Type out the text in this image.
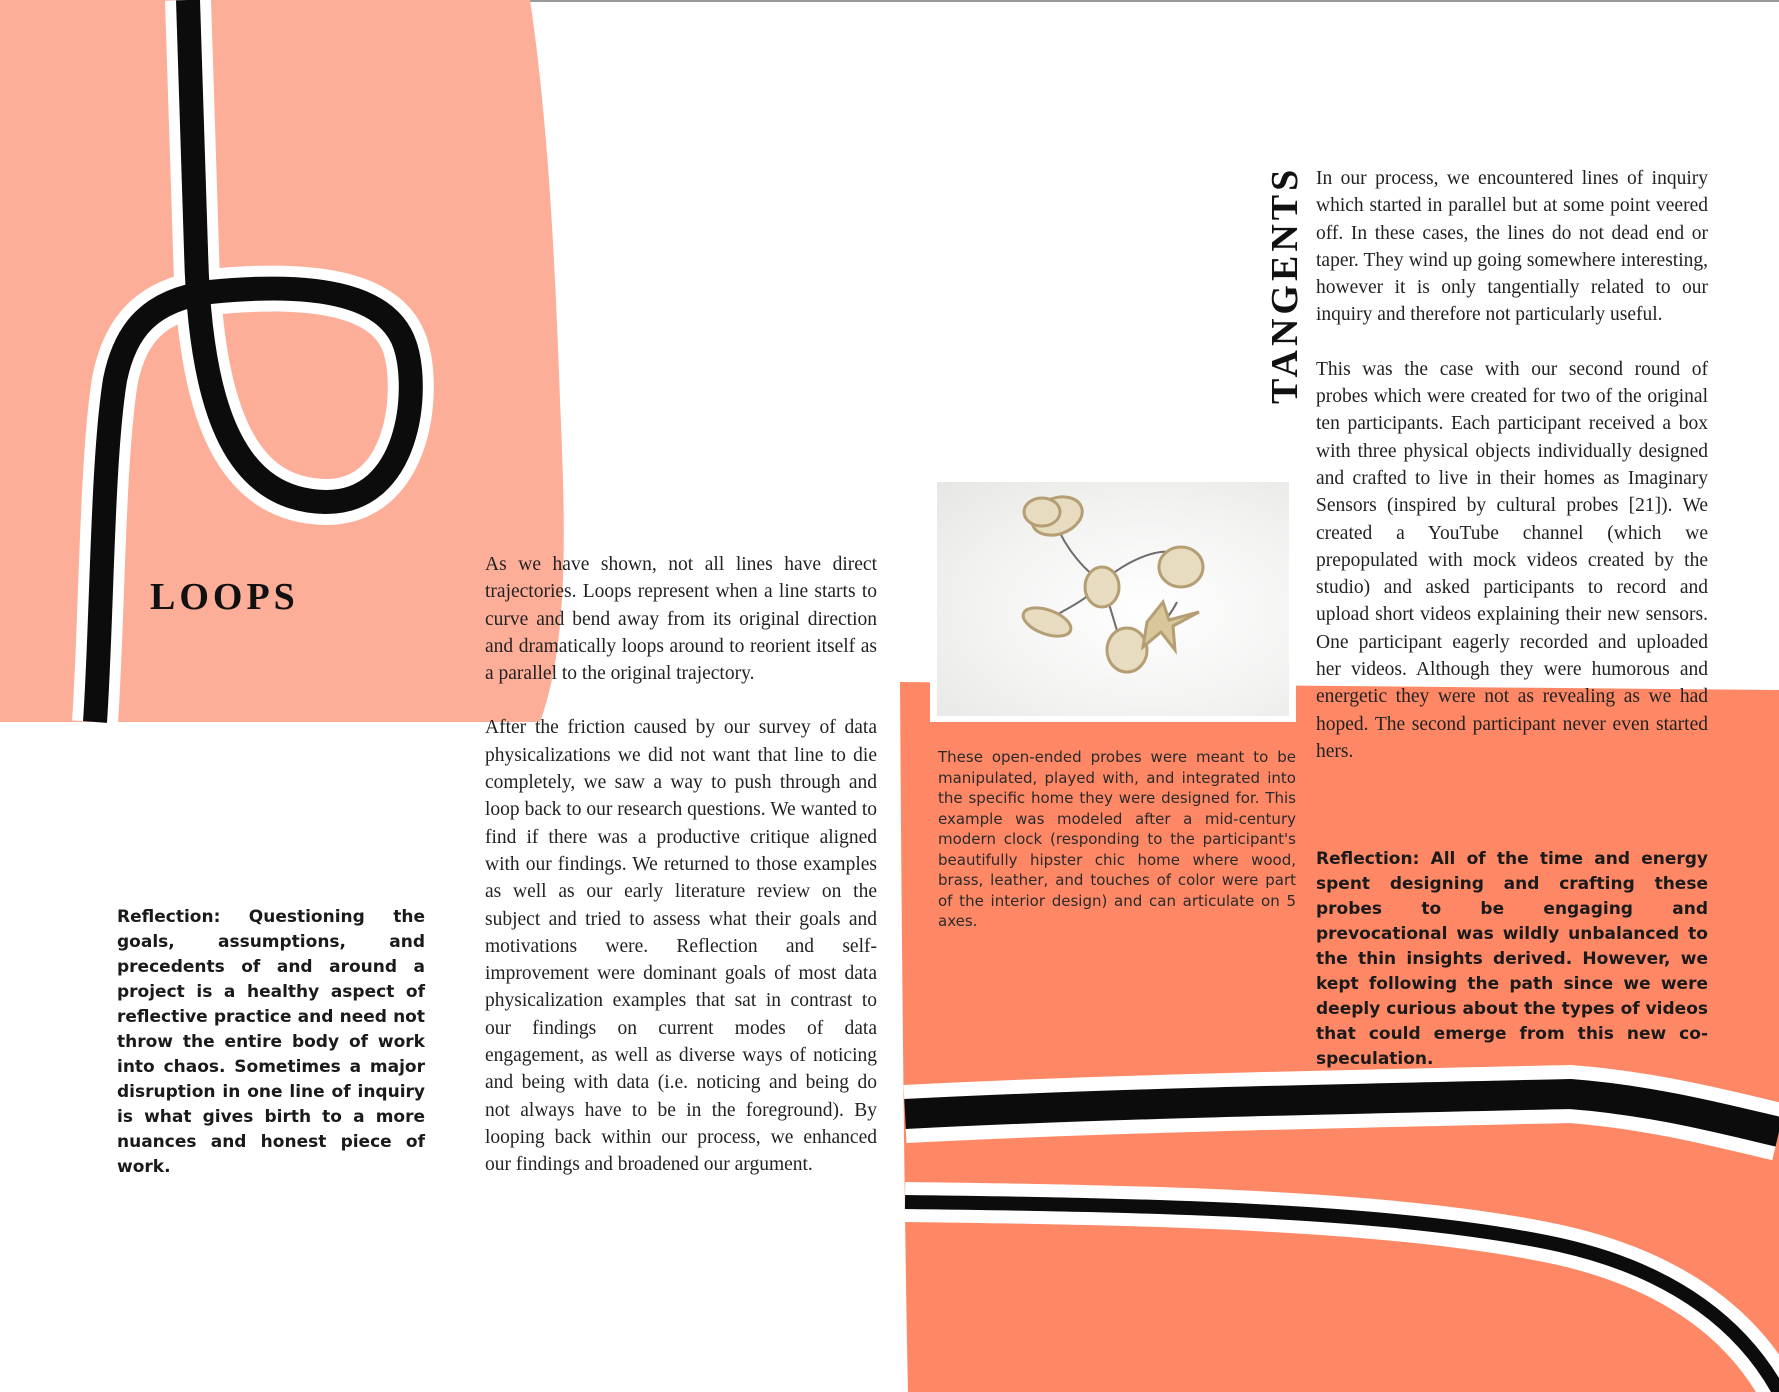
LOOPS
TANGENTS

As we have shown, not all lines have direct trajectories. Loops represent when a line starts to curve and bend away from its original direction and dramatically loops around to reorient itself as a parallel to the original trajectory.

After the friction caused by our survey of data physicalizations we did not want that line to die completely, we saw a way to push through and loop back to our research questions. We wanted to find if there was a productive critique aligned with our findings. We returned to those examples as well as our early literature review on the subject and tried to assess what their goals and motivations were. Reflection and self-improvement were dominant goals of most data physicalization examples that sat in contrast to our findings on current modes of data engagement, as well as diverse ways of noticing and being with data (i.e. noticing and being do not always have to be in the foreground). By looping back within our process, we enhanced our findings and broadened our argument.

Reflection: Questioning the goals, assumptions, and precedents of and around a project is a healthy aspect of reflective practice and need not throw the entire body of work into chaos. Sometimes a major disruption in one line of inquiry is what gives birth to a more nuances and honest piece of work.

In our process, we encountered lines of inquiry which started in parallel but at some point veered off. In these cases, the lines do not dead end or taper. They wind up going somewhere interesting, however it is only tangentially related to our inquiry and therefore not particularly useful.

This was the case with our second round of probes which were created for two of the original ten participants. Each participant received a box with three physical objects individually designed and crafted to live in their homes as Imaginary Sensors (inspired by cultural probes [21]). We created a YouTube channel (which we prepopulated with mock videos created by the studio) and asked participants to record and upload short videos explaining their new sensors. One participant eagerly recorded and uploaded her videos. Although they were humorous and energetic they were not as revealing as we had hoped. The second participant never even started hers.

Reflection: All of the time and energy spent designing and crafting these probes to be engaging and prevocational was wildly unbalanced to the thin insights derived. However, we kept following the path since we were deeply curious about the types of videos that could emerge from this new co-speculation.

These open-ended probes were meant to be manipulated, played with, and integrated into the specific home they were designed for. This example was modeled after a mid-century modern clock (responding to the participant's beautifully hipster chic home where wood, brass, leather, and touches of color were part of the interior design) and can articulate on 5 axes.
